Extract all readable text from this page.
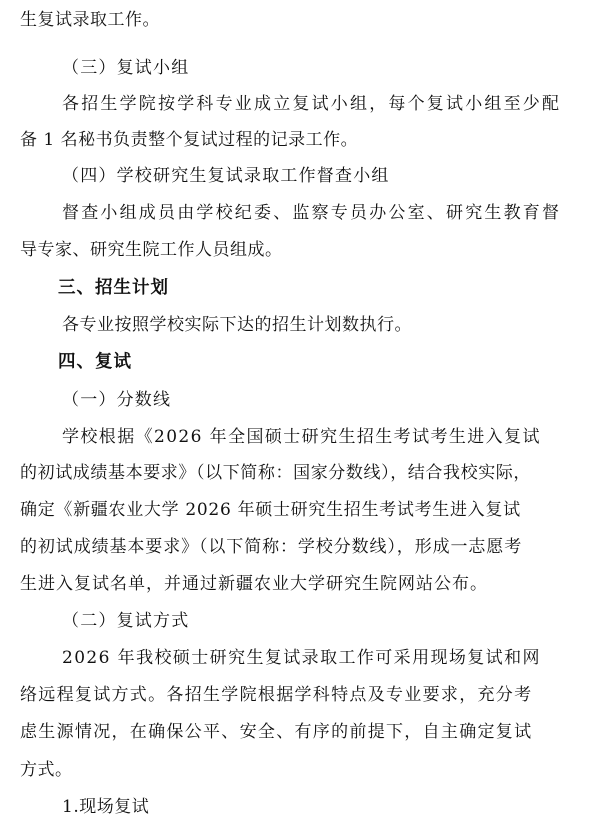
生复试录取工作。
（三）复试小组
各招生学院按学科专业成立复试小组，每个复试小组至少配
备 1 名秘书负责整个复试过程的记录工作。
（四）学校研究生复试录取工作督查小组
督查小组成员由学校纪委、监察专员办公室、研究生教育督
导专家、研究生院工作人员组成。
三、招生计划
各专业按照学校实际下达的招生计划数执行。
四、复试
（一）分数线
学校根据《2026 年全国硕士研究生招生考试考生进入复试
的初试成绩基本要求》（以下简称：国家分数线），结合我校实际，
确定《新疆农业大学 2026 年硕士研究生招生考试考生进入复试
的初试成绩基本要求》（以下简称：学校分数线），形成一志愿考
生进入复试名单，并通过新疆农业大学研究生院网站公布。
（二）复试方式
2026 年我校硕士研究生复试录取工作可采用现场复试和网
络远程复试方式。各招生学院根据学科特点及专业要求，充分考
虑生源情况，在确保公平、安全、有序的前提下，自主确定复试
方式。
1.现场复试
